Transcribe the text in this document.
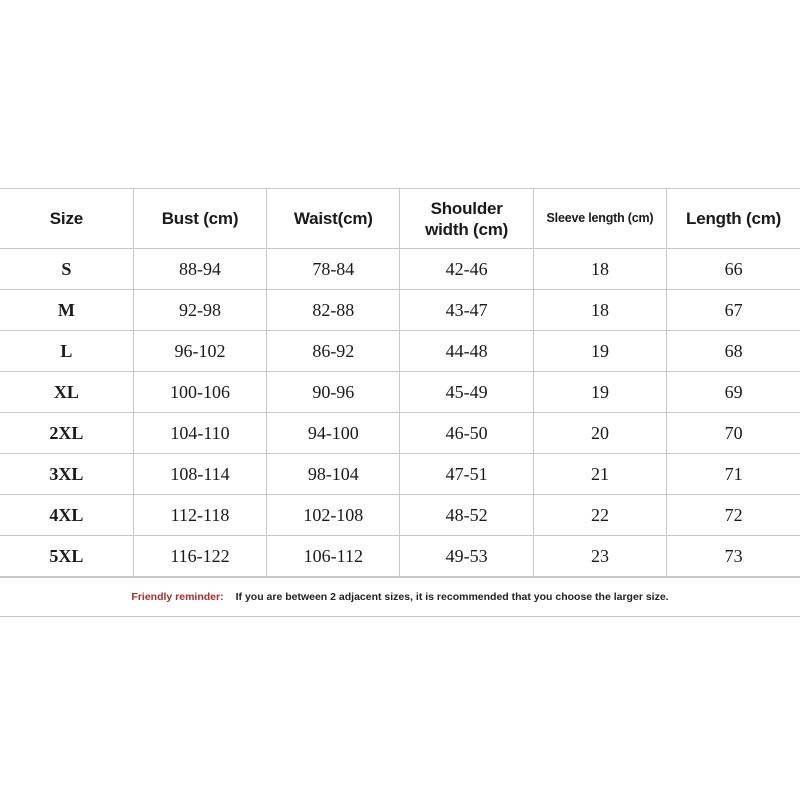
Size	Bust (cm)	Waist(cm)	Shoulder width (cm)	Sleeve length (cm)	Length (cm)
S	88-94	78-84	42-46	18	66
M	92-98	82-88	43-47	18	67
L	96-102	86-92	44-48	19	68
XL	100-106	90-96	45-49	19	69
2XL	104-110	94-100	46-50	20	70
3XL	108-114	98-104	47-51	21	71
4XL	112-118	102-108	48-52	22	72
5XL	116-122	106-112	49-53	23	73
Friendly reminder: If you are between 2 adjacent sizes, it is recommended that you choose the larger size.
